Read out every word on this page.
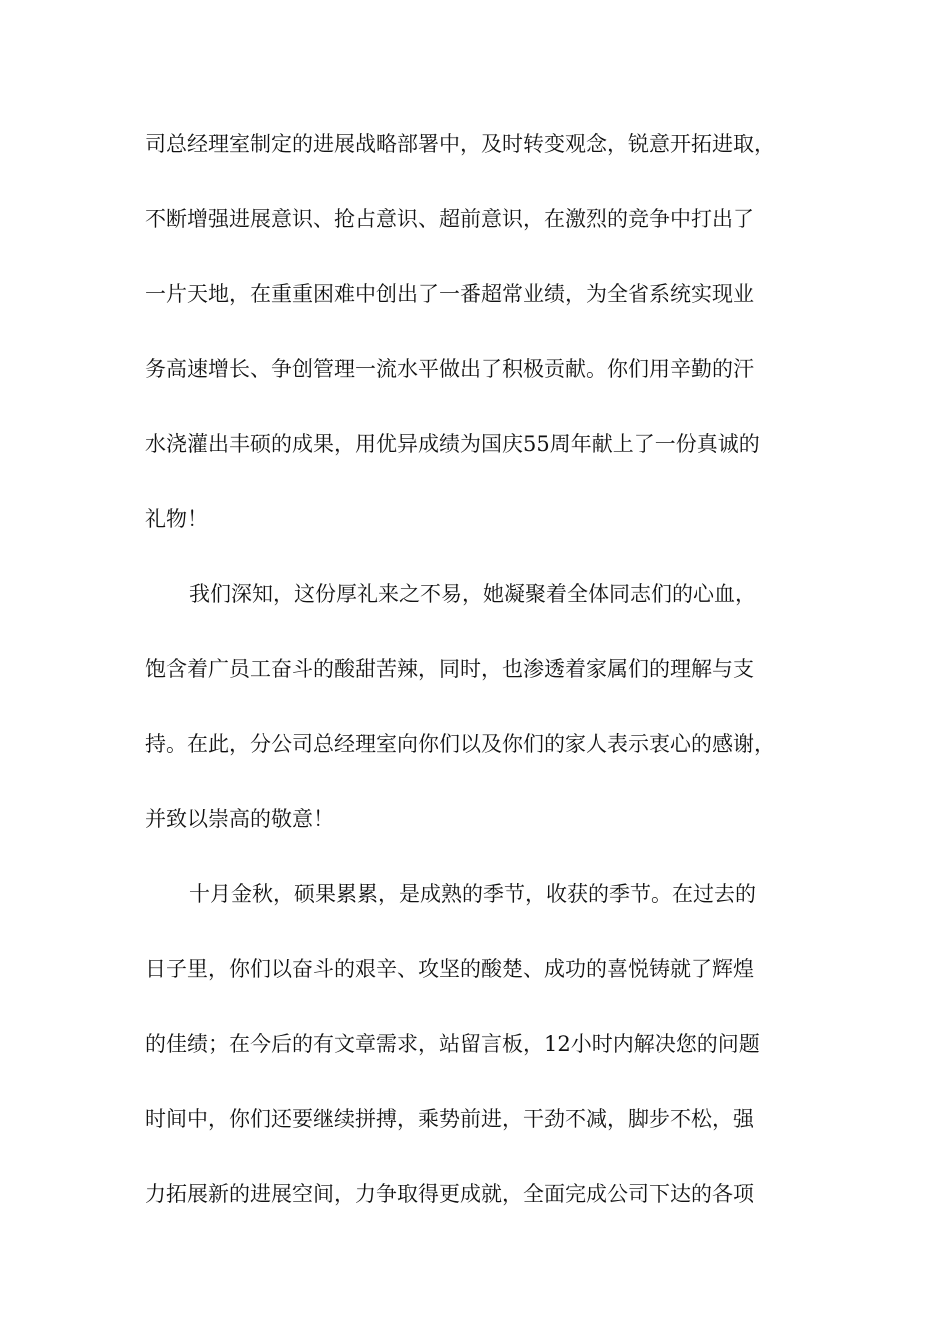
司总经理室制定的进展战略部署中，及时转变观念，锐意开拓进取，
不断增强进展意识、抢占意识、超前意识，在激烈的竞争中打出了
一片天地，在重重困难中创出了一番超常业绩，为全省系统实现业
务高速增长、争创管理一流水平做出了积极贡献。你们用辛勤的汗
水浇灌出丰硕的成果，用优异成绩为国庆55周年献上了一份真诚的
礼物！
我们深知，这份厚礼来之不易，她凝聚着全体同志们的心血，
饱含着广员工奋斗的酸甜苦辣，同时，也渗透着家属们的理解与支
持。在此，分公司总经理室向你们以及你们的家人表示衷心的感谢，
并致以崇高的敬意！
十月金秋，硕果累累，是成熟的季节，收获的季节。在过去的
日子里，你们以奋斗的艰辛、攻坚的酸楚、成功的喜悦铸就了辉煌
的佳绩；在今后的有文章需求，站留言板，12小时内解决您的问题
时间中，你们还要继续拼搏，乘势前进，干劲不减，脚步不松，强
力拓展新的进展空间，力争取得更成就，全面完成公司下达的各项
